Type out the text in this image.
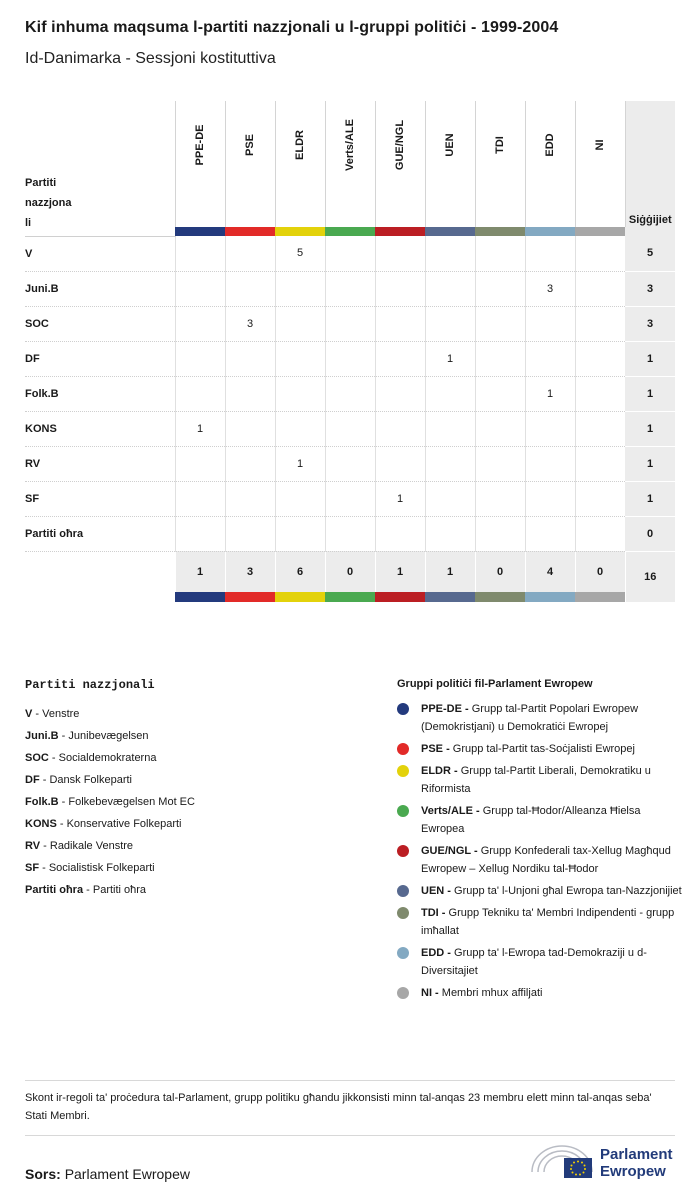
Kif inhuma maqsuma l-partiti nazzjonali u l-gruppi politiċi - 1999-2004
Id-Danimarka - Sessjoni kostituttiva
Partiti nazzjona li	PPE-DE	PSE	ELDR	Verts/ALE	GUE/NGL	UEN	TDI	EDD	NI	Siġġijiet

V			5							5
Juni.B								3		3
SOC		3								3
DF						1				1
Folk.B								1		1
KONS	1									1
RV			1							1
SF					1					1
Partiti oħra										0
	1	3	6	0	1	1	0	4	0	16

Partiti nazzjonali
V - Venstre
Juni.B - Junibevægelsen
SOC - Socialdemokraterna
DF - Dansk Folkeparti
Folk.B - Folkebevægelsen Mot EC
KONS - Konservative Folkeparti
RV - Radikale Venstre
SF - Socialistisk Folkeparti
Partiti oħra - Partiti oħra
Gruppi politiċi fil-Parlament Ewropew
PPE-DE - Grupp tal-Partit Popolari Ewropew (Demokristjani) u Demokratiċi Ewropej
PSE - Grupp tal-Partit tas-Soċjalisti Ewropej
ELDR - Grupp tal-Partit Liberali, Demokratiku u Riformista
Verts/ALE - Grupp tal-Ħodor/Alleanza Ħielsa Ewropea
GUE/NGL - Grupp Konfederali tax-Xellug Magħqud Ewropew – Xellug Nordiku tal-Ħodor
UEN - Grupp ta' l-Unjoni għal Ewropa tan-Nazzjonijiet
TDI - Grupp Tekniku ta' Membri Indipendenti - grupp imħallat
EDD - Grupp ta' l-Ewropa tad-Demokraziji u d-Diversitajiet
NI - Membri mhux affiljati
Skont ir-regoli ta' proċedura tal-Parlament, grupp politiku għandu jikkonsisti minn tal-anqas 23 membru elett minn tal-anqas seba' Stati Membri.
Sors: Parlament Ewropew
Parlament
Ewropew
